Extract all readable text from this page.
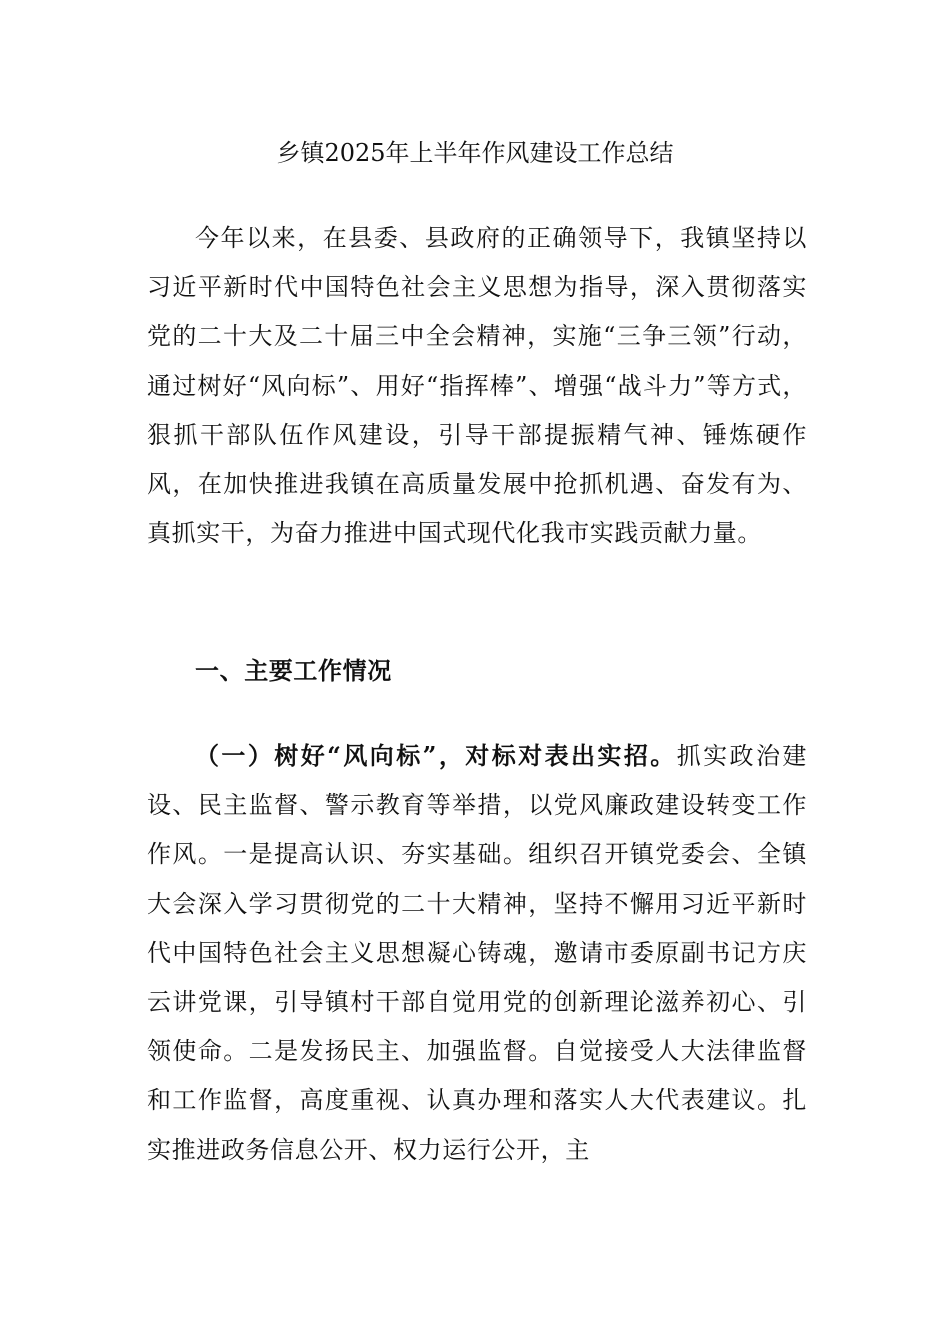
乡镇2025年上半年作风建设工作总结

今年以来，在县委、县政府的正确领导下，我镇坚持以习近平新时代中国特色社会主义思想为指导，深入贯彻落实党的二十大及二十届三中全会精神，实施“三争三领”行动，通过树好“风向标”、用好“指挥棒”、增强“战斗力”等方式，狠抓干部队伍作风建设，引导干部提振精气神、锤炼硬作风，在加快推进我镇在高质量发展中抢抓机遇、奋发有为、真抓实干，为奋力推进中国式现代化我市实践贡献力量。

一、主要工作情况

（一）树好“风向标”，对标对表出实招。抓实政治建设、民主监督、警示教育等举措，以党风廉政建设转变工作作风。一是提高认识、夯实基础。组织召开镇党委会、全镇大会深入学习贯彻党的二十大精神，坚持不懈用习近平新时代中国特色社会主义思想凝心铸魂，邀请市委原副书记方庆云讲党课，引导镇村干部自觉用党的创新理论滋养初心、引领使命。二是发扬民主、加强监督。自觉接受人大法律监督和工作监督，高度重视、认真办理和落实人大代表建议。扎实推进政务信息公开、权力运行公开，主
